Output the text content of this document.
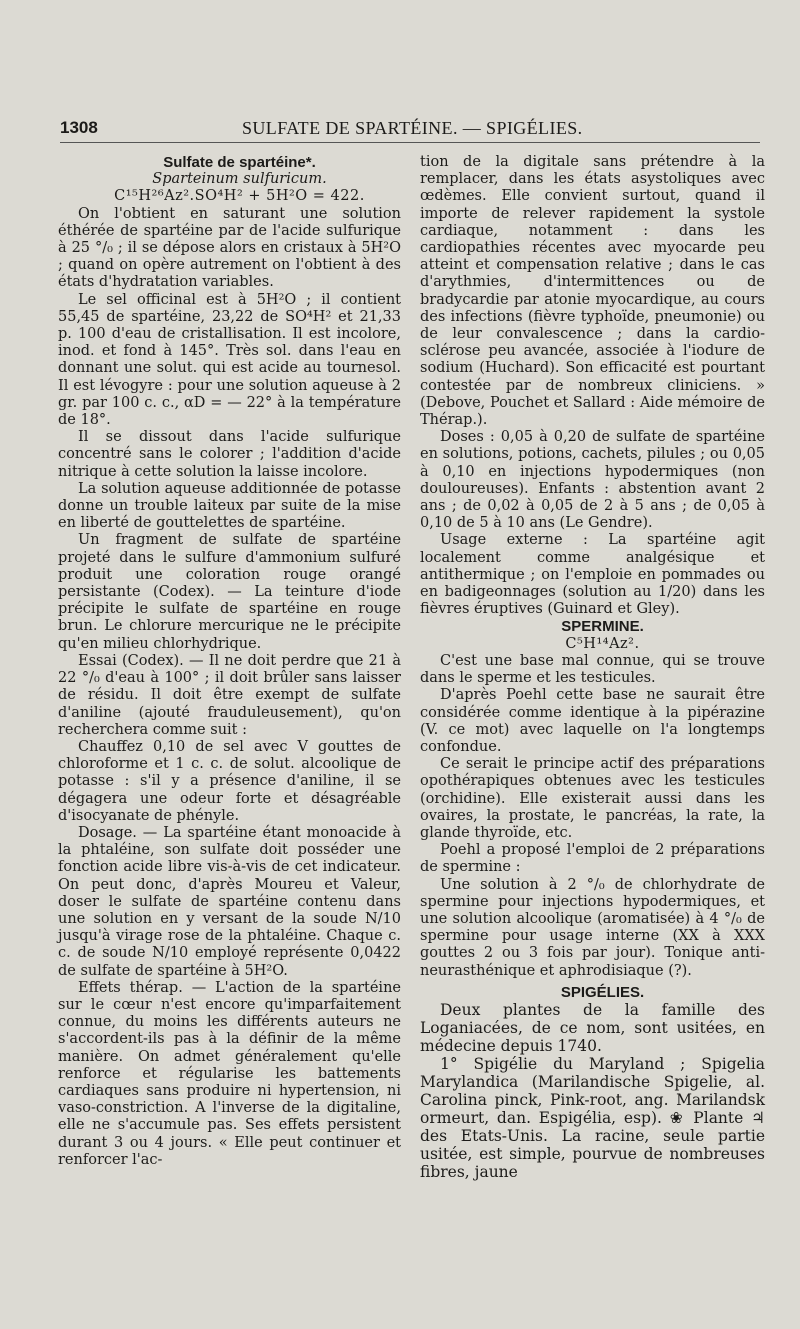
1308	SULFATE DE SPARTÉINE. — SPIGÉLIES.

Sulfate de spartéine*.

Sparteinum sulfuricum.

C¹⁵H²⁶Az².SO⁴H² + 5H²O = 422.

On l'obtient en saturant une solution éthérée de spartéine par de l'acide sulfurique à 25 °/₀ ; il se dépose alors en cristaux à 5H²O ; quand on opère autrement on l'obtient à des états d'hydratation variables.

Le sel officinal est à 5H²O ; il contient 55,45 de spartéine, 23,22 de SO⁴H² et 21,33 p. 100 d'eau de cristallisation. Il est incolore, inod. et fond à 145°. Très sol. dans l'eau en donnant une solut. qui est acide au tournesol. Il est lévogyre : pour une solution aqueuse à 2 gr. par 100 c. c., αD = — 22° à la température de 18°.

Il se dissout dans l'acide sulfurique concentré sans le colorer ; l'addition d'acide nitrique à cette solution la laisse incolore.

La solution aqueuse additionnée de potasse donne un trouble laiteux par suite de la mise en liberté de gouttelettes de spartéine.

Un fragment de sulfate de spartéine projeté dans le sulfure d'ammonium sulfuré produit une coloration rouge orangé persistante (Codex). — La teinture d'iode précipite le sulfate de spartéine en rouge brun. Le chlorure mercurique ne le précipite qu'en milieu chlorhydrique.

Essai (Codex). — Il ne doit perdre que 21 à 22 °/₀ d'eau à 100° ; il doit brûler sans laisser de résidu. Il doit être exempt de sulfate d'aniline (ajouté frauduleusement), qu'on recherchera comme suit :

Chauffez 0,10 de sel avec V gouttes de chloroforme et 1 c. c. de solut. alcoolique de potasse : s'il y a présence d'aniline, il se dégagera une odeur forte et désagréable d'isocyanate de phényle.

Dosage. — La spartéine étant monoacide à la phtaléine, son sulfate doit posséder une fonction acide libre vis-à-vis de cet indicateur. On peut donc, d'après Moureu et Valeur, doser le sulfate de spartéine contenu dans une solution en y versant de la soude N/10 jusqu'à virage rose de la phtaléine. Chaque c. c. de soude N/10 employé représente 0,0422 de sulfate de spartéine à 5H²O.

Effets thérap. — L'action de la spartéine sur le cœur n'est encore qu'imparfaitement connue, du moins les différents auteurs ne s'accordent-ils pas à la définir de la même manière. On admet généralement qu'elle renforce et régularise les battements cardiaques sans produire ni hypertension, ni vaso-constriction. A l'inverse de la digitaline, elle ne s'accumule pas. Ses effets persistent durant 3 ou 4 jours. « Elle peut continuer et renforcer l'ac-

tion de la digitale sans prétendre à la remplacer, dans les états asystoliques avec œdèmes. Elle convient surtout, quand il importe de relever rapidement la systole cardiaque, notamment : dans les cardiopathies récentes avec myocarde peu atteint et compensation relative ; dans le cas d'arythmies, d'intermittences ou de bradycardie par atonie myocardique, au cours des infections (fièvre typhoïde, pneumonie) ou de leur convalescence ; dans la cardio-sclérose peu avancée, associée à l'iodure de sodium (Huchard). Son efficacité est pourtant contestée par de nombreux cliniciens. » (Debove, Pouchet et Sallard : Aide mémoire de Thérap.).

Doses : 0,05 à 0,20 de sulfate de spartéine en solutions, potions, cachets, pilules ; ou 0,05 à 0,10 en injections hypodermiques (non douloureuses). Enfants : abstention avant 2 ans ; de 0,02 à 0,05 de 2 à 5 ans ; de 0,05 à 0,10 de 5 à 10 ans (Le Gendre).

Usage externe : La spartéine agit localement comme analgésique et antithermique ; on l'emploie en pommades ou en badigeonnages (solution au 1/20) dans les fièvres éruptives (Guinard et Gley).

SPERMINE.

C⁵H¹⁴Az².

C'est une base mal connue, qui se trouve dans le sperme et les testicules.

D'après Poehl cette base ne saurait être considérée comme identique à la pipérazine (V. ce mot) avec laquelle on l'a longtemps confondue.

Ce serait le principe actif des préparations opothérapiques obtenues avec les testicules (orchidine). Elle existerait aussi dans les ovaires, la prostate, le pancréas, la rate, la glande thyroïde, etc.

Poehl a proposé l'emploi de 2 préparations de spermine :

Une solution à 2 °/₀ de chlorhydrate de spermine pour injections hypodermiques, et une solution alcoolique (aromatisée) à 4 °/₀ de spermine pour usage interne (XX à XXX gouttes 2 ou 3 fois par jour). Tonique anti-neurasthénique et aphrodisiaque (?).

SPIGÉLIES.

Deux plantes de la famille des Loganiacées, de ce nom, sont usitées, en médecine depuis 1740.

1° Spigélie du Maryland ; Spigelia Marylandica (Marilandische Spigelie, al. Carolina pinck, Pink-root, ang. Marilandsk ormeurt, dan. Espigélia, esp). ❀ Plante ♃ des Etats-Unis. La racine, seule partie usitée, est simple, pourvue de nombreuses fibres, jaune
